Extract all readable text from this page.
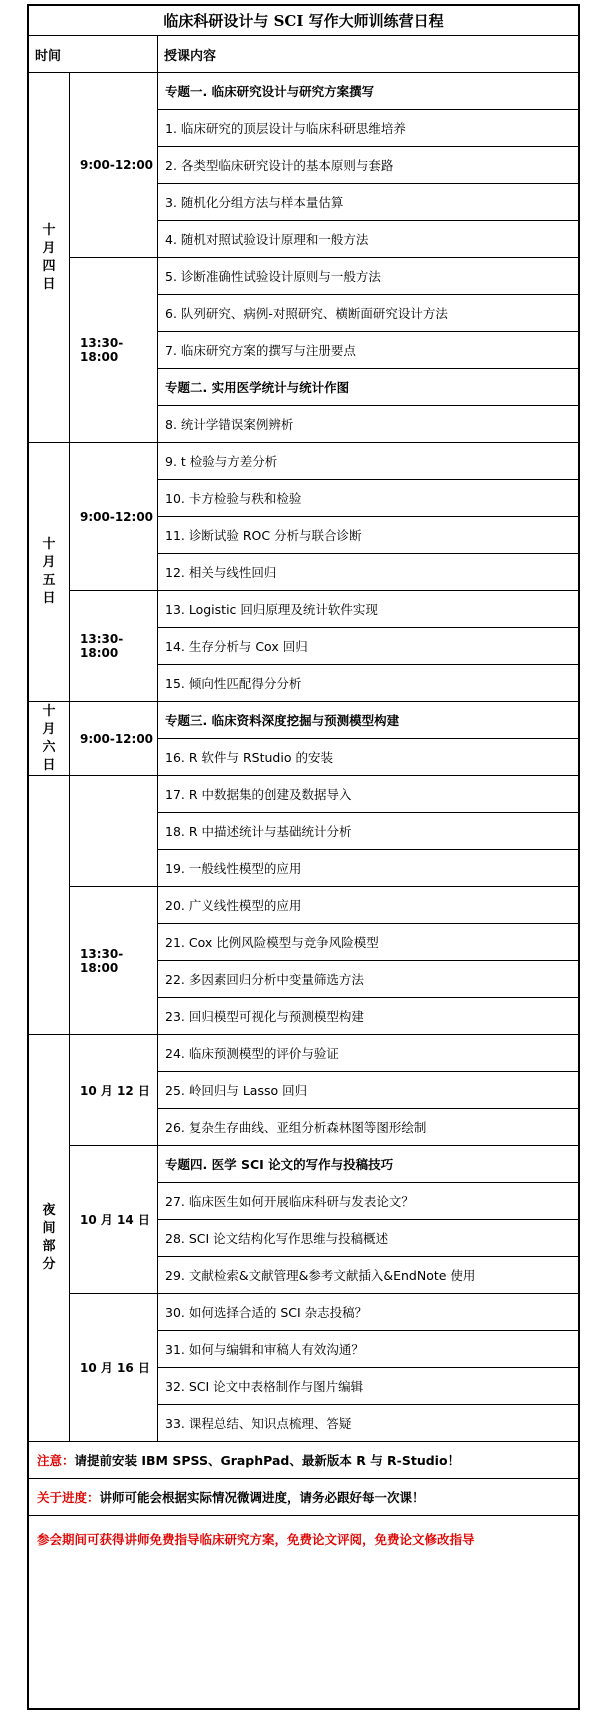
临床科研设计与 SCI 写作大师训练营日程
时间	授课内容
专题一. 临床研究设计与研究方案撰写
1. 临床研究的顶层设计与临床科研思维培养
2. 各类型临床研究设计的基本原则与套路
3. 随机化分组方法与样本量估算
4. 随机对照试验设计原理和一般方法
5. 诊断准确性试验设计原则与一般方法
6. 队列研究、病例-对照研究、横断面研究设计方法
7. 临床研究方案的撰写与注册要点
专题二. 实用医学统计与统计作图
8. 统计学错误案例辨析
9. t 检验与方差分析
10. 卡方检验与秩和检验
11. 诊断试验 ROC 分析与联合诊断
12. 相关与线性回归
13. Logistic 回归原理及统计软件实现
14. 生存分析与 Cox 回归
15. 倾向性匹配得分分析
专题三. 临床资料深度挖掘与预测模型构建
16. R 软件与 RStudio 的安装
17. R 中数据集的创建及数据导入
18. R 中描述统计与基础统计分析
19. 一般线性模型的应用
20. 广义线性模型的应用
21. Cox 比例风险模型与竞争风险模型
22. 多因素回归分析中变量筛选方法
23. 回归模型可视化与预测模型构建
24. 临床预测模型的评价与验证
25. 岭回归与 Lasso 回归
26. 复杂生存曲线、亚组分析森林图等图形绘制
专题四. 医学 SCI 论文的写作与投稿技巧
27. 临床医生如何开展临床科研与发表论文？
28. SCI 论文结构化写作思维与投稿概述
29. 文献检索&文献管理&参考文献插入&EndNote 使用
30. 如何选择合适的 SCI 杂志投稿？
31. 如何与编辑和审稿人有效沟通？
32. SCI 论文中表格制作与图片编辑
33. 课程总结、知识点梳理、答疑
9:00-12:00
13:30-18:00
9:00-12:00
13:30-18:00
9:00-12:00
13:30-18:00
10 月 12 日
10 月 14 日
10 月 16 日
十
月
四
日
十
月
五
日
十
月
六
日
夜
间
部
分
注意： 请提前安装 IBM SPSS、GraphPad、最新版本 R 与 R-Studio！
关于进度： 讲师可能会根据实际情况微调进度，请务必跟好每一次课！
参会期间可获得讲师免费指导临床研究方案，免费论文评阅，免费论文修改指导
